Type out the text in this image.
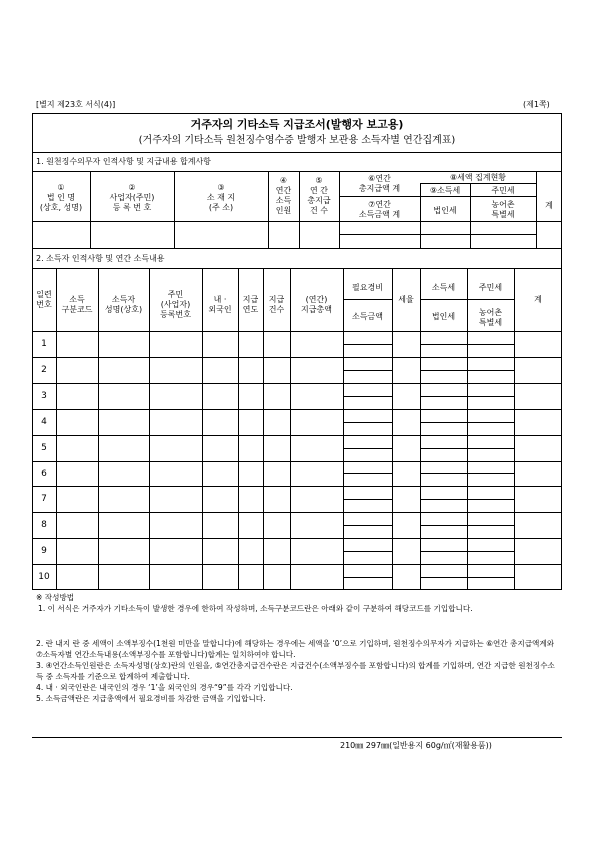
[별지 제23호 서식(4)]	(제1쪽)
거주자의 기타소득 지급조서(발행자 보고용)
(거주자의 기타소득 원천징수영수증 발행자 보관용 소득자별 연간집계표)
1. 원천징수의무자 인적사항 및 지급내용 합계사항
①
법 인 명
(상호, 성명)
②
사업자(주민)
등 록 번 호
③
소 재 지
(주 소)
④
연간
소득
인원
⑤
연 간
총지급
건 수
⑥연간
총지급액 계
⑦연간
소득금액 계
⑧세액 집계현황
⑨소득세
법인세
주민세
농어촌
특별세
계
2. 소득자 인적사항 및 연간 소득내용
일련
번호
소득
구분코드
소득자
성명(상호)
주민
(사업자)
등록번호
내 ·
외국인
지급
연도
지급
건수
(연간)
지급총액
필요경비
소득금액
세율
소득세
법인세
주민세
농어촌
특별세
계
1
2
3
4
5
6
7
8
9
10

※ 작성방법

1. 이 서식은 거주자가 기타소득이 발생한 경우에 한하여 작성하며, 소득구분코드란은 아래와 같이 구분하여 해당코드를 기입합니다.

2. 란 내지 란 중 세액이 소액부징수(1천원 미만을 말합니다)에 해당하는 경우에는 세액을 ‘0’으로 기입하며, 원천징수의무자가 지급하는 ⑥연간 총지급액계와 ⑦소득자별 연간소득내용(소액부징수를 포함합니다)합계는 일치하여야 합니다.

3. ④연간소득인원란은 소득자성명(상호)란의 인원을, ⑤연간총지급건수란은 지급건수(소액부징수를 포함합니다)의 합계를 기입하며, 연간 지급한 원천징수소득 중 소득자를 기준으로 합계하여 제출합니다.

4. 내 · 외국인란은 내국인의 경우 ‘1’을 외국인의 경우“9”를 각각 기입합니다.

5. 소득금액란은 지급총액에서 필요경비를 차감한 금액을 기입합니다.

210㎜ 297㎜(일반용지 60g/㎡(재활용품))
